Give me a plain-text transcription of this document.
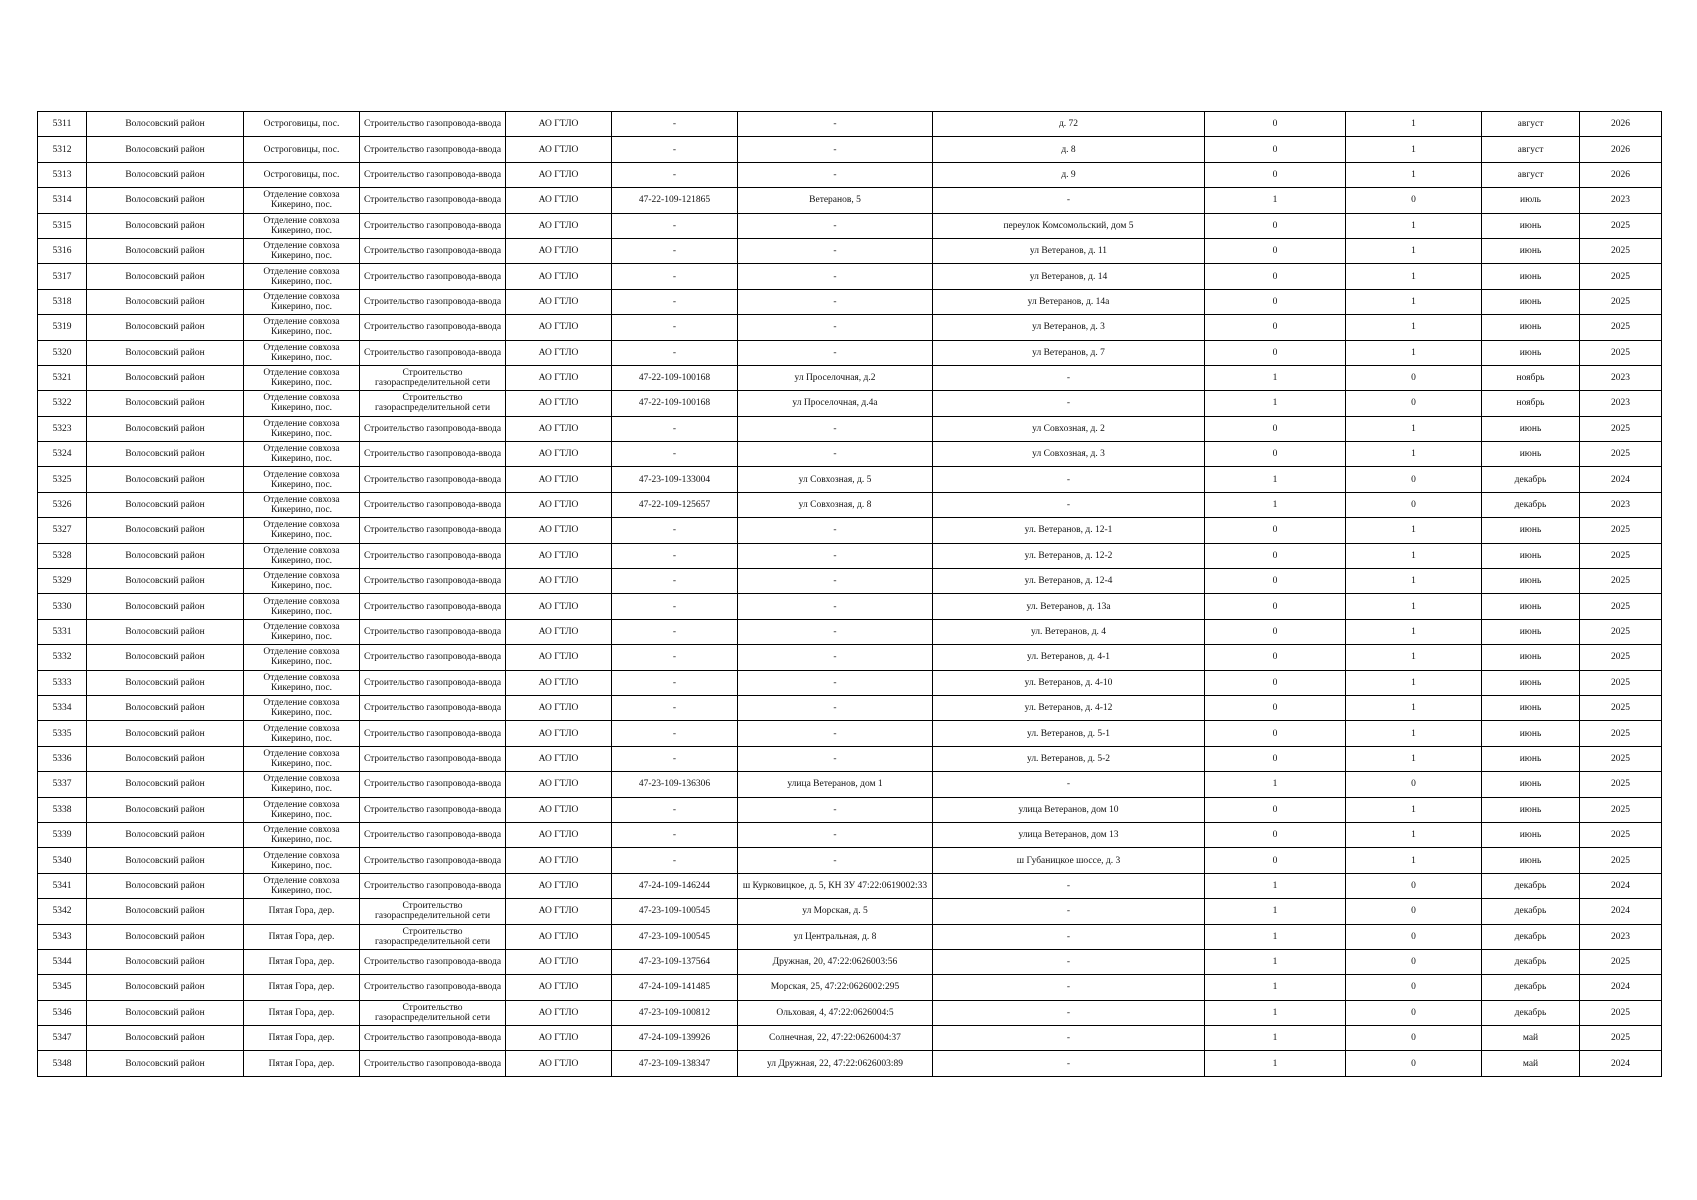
5311	Волосовский район	Остроговицы, пос.	Строительство газопровода-ввода	АО ГТЛО	-	-	д. 72	0	1	август	2026
5312	Волосовский район	Остроговицы, пос.	Строительство газопровода-ввода	АО ГТЛО	-	-	д. 8	0	1	август	2026
5313	Волосовский район	Остроговицы, пос.	Строительство газопровода-ввода	АО ГТЛО	-	-	д. 9	0	1	август	2026
5314	Волосовский район	Отделение совхоза Кикерино, пос.	Строительство газопровода-ввода	АО ГТЛО	47-22-109-121865	Ветеранов, 5	-	1	0	июль	2023
5315	Волосовский район	Отделение совхоза Кикерино, пос.	Строительство газопровода-ввода	АО ГТЛО	-	-	переулок Комсомольский, дом 5	0	1	июнь	2025
5316	Волосовский район	Отделение совхоза Кикерино, пос.	Строительство газопровода-ввода	АО ГТЛО	-	-	ул Ветеранов, д. 11	0	1	июнь	2025
5317	Волосовский район	Отделение совхоза Кикерино, пос.	Строительство газопровода-ввода	АО ГТЛО	-	-	ул Ветеранов, д. 14	0	1	июнь	2025
5318	Волосовский район	Отделение совхоза Кикерино, пос.	Строительство газопровода-ввода	АО ГТЛО	-	-	ул Ветеранов, д. 14а	0	1	июнь	2025
5319	Волосовский район	Отделение совхоза Кикерино, пос.	Строительство газопровода-ввода	АО ГТЛО	-	-	ул Ветеранов, д. 3	0	1	июнь	2025
5320	Волосовский район	Отделение совхоза Кикерино, пос.	Строительство газопровода-ввода	АО ГТЛО	-	-	ул Ветеранов, д. 7	0	1	июнь	2025
5321	Волосовский район	Отделение совхоза Кикерино, пос.	Строительство газораспределительной сети	АО ГТЛО	47-22-109-100168	ул Проселочная, д.2	-	1	0	ноябрь	2023
5322	Волосовский район	Отделение совхоза Кикерино, пос.	Строительство газораспределительной сети	АО ГТЛО	47-22-109-100168	ул Проселочная, д.4а	-	1	0	ноябрь	2023
5323	Волосовский район	Отделение совхоза Кикерино, пос.	Строительство газопровода-ввода	АО ГТЛО	-	-	ул Совхозная, д. 2	0	1	июнь	2025
5324	Волосовский район	Отделение совхоза Кикерино, пос.	Строительство газопровода-ввода	АО ГТЛО	-	-	ул Совхозная, д. 3	0	1	июнь	2025
5325	Волосовский район	Отделение совхоза Кикерино, пос.	Строительство газопровода-ввода	АО ГТЛО	47-23-109-133004	ул Совхозная, д. 5	-	1	0	декабрь	2024
5326	Волосовский район	Отделение совхоза Кикерино, пос.	Строительство газопровода-ввода	АО ГТЛО	47-22-109-125657	ул Совхозная, д. 8	-	1	0	декабрь	2023
5327	Волосовский район	Отделение совхоза Кикерино, пос.	Строительство газопровода-ввода	АО ГТЛО	-	-	ул. Ветеранов, д. 12-1	0	1	июнь	2025
5328	Волосовский район	Отделение совхоза Кикерино, пос.	Строительство газопровода-ввода	АО ГТЛО	-	-	ул. Ветеранов, д. 12-2	0	1	июнь	2025
5329	Волосовский район	Отделение совхоза Кикерино, пос.	Строительство газопровода-ввода	АО ГТЛО	-	-	ул. Ветеранов, д. 12-4	0	1	июнь	2025
5330	Волосовский район	Отделение совхоза Кикерино, пос.	Строительство газопровода-ввода	АО ГТЛО	-	-	ул. Ветеранов, д. 13а	0	1	июнь	2025
5331	Волосовский район	Отделение совхоза Кикерино, пос.	Строительство газопровода-ввода	АО ГТЛО	-	-	ул. Ветеранов, д. 4	0	1	июнь	2025
5332	Волосовский район	Отделение совхоза Кикерино, пос.	Строительство газопровода-ввода	АО ГТЛО	-	-	ул. Ветеранов, д. 4-1	0	1	июнь	2025
5333	Волосовский район	Отделение совхоза Кикерино, пос.	Строительство газопровода-ввода	АО ГТЛО	-	-	ул. Ветеранов, д. 4-10	0	1	июнь	2025
5334	Волосовский район	Отделение совхоза Кикерино, пос.	Строительство газопровода-ввода	АО ГТЛО	-	-	ул. Ветеранов, д. 4-12	0	1	июнь	2025
5335	Волосовский район	Отделение совхоза Кикерино, пос.	Строительство газопровода-ввода	АО ГТЛО	-	-	ул. Ветеранов, д. 5-1	0	1	июнь	2025
5336	Волосовский район	Отделение совхоза Кикерино, пос.	Строительство газопровода-ввода	АО ГТЛО	-	-	ул. Ветеранов, д. 5-2	0	1	июнь	2025
5337	Волосовский район	Отделение совхоза Кикерино, пос.	Строительство газопровода-ввода	АО ГТЛО	47-23-109-136306	улица Ветеранов, дом 1	-	1	0	июнь	2025
5338	Волосовский район	Отделение совхоза Кикерино, пос.	Строительство газопровода-ввода	АО ГТЛО	-	-	улица Ветеранов, дом 10	0	1	июнь	2025
5339	Волосовский район	Отделение совхоза Кикерино, пос.	Строительство газопровода-ввода	АО ГТЛО	-	-	улица Ветеранов, дом 13	0	1	июнь	2025
5340	Волосовский район	Отделение совхоза Кикерино, пос.	Строительство газопровода-ввода	АО ГТЛО	-	-	ш Губаницкое шоссе, д. 3	0	1	июнь	2025
5341	Волосовский район	Отделение совхоза Кикерино, пос.	Строительство газопровода-ввода	АО ГТЛО	47-24-109-146244	ш Курковицкое, д. 5, КН ЗУ 47:22:0619002:33	-	1	0	декабрь	2024
5342	Волосовский район	Пятая Гора, дер.	Строительство газораспределительной сети	АО ГТЛО	47-23-109-100545	ул Морская, д. 5	-	1	0	декабрь	2024
5343	Волосовский район	Пятая Гора, дер.	Строительство газораспределительной сети	АО ГТЛО	47-23-109-100545	ул Центральная, д. 8	-	1	0	декабрь	2023
5344	Волосовский район	Пятая Гора, дер.	Строительство газопровода-ввода	АО ГТЛО	47-23-109-137564	Дружная, 20, 47:22:0626003:56	-	1	0	декабрь	2025
5345	Волосовский район	Пятая Гора, дер.	Строительство газопровода-ввода	АО ГТЛО	47-24-109-141485	Морская, 25, 47:22:0626002:295	-	1	0	декабрь	2024
5346	Волосовский район	Пятая Гора, дер.	Строительство газораспределительной сети	АО ГТЛО	47-23-109-100812	Ольховая, 4, 47:22:0626004:5	-	1	0	декабрь	2025
5347	Волосовский район	Пятая Гора, дер.	Строительство газопровода-ввода	АО ГТЛО	47-24-109-139926	Солнечная, 22, 47:22:0626004:37	-	1	0	май	2025
5348	Волосовский район	Пятая Гора, дер.	Строительство газопровода-ввода	АО ГТЛО	47-23-109-138347	ул Дружная, 22, 47:22:0626003:89	-	1	0	май	2024
